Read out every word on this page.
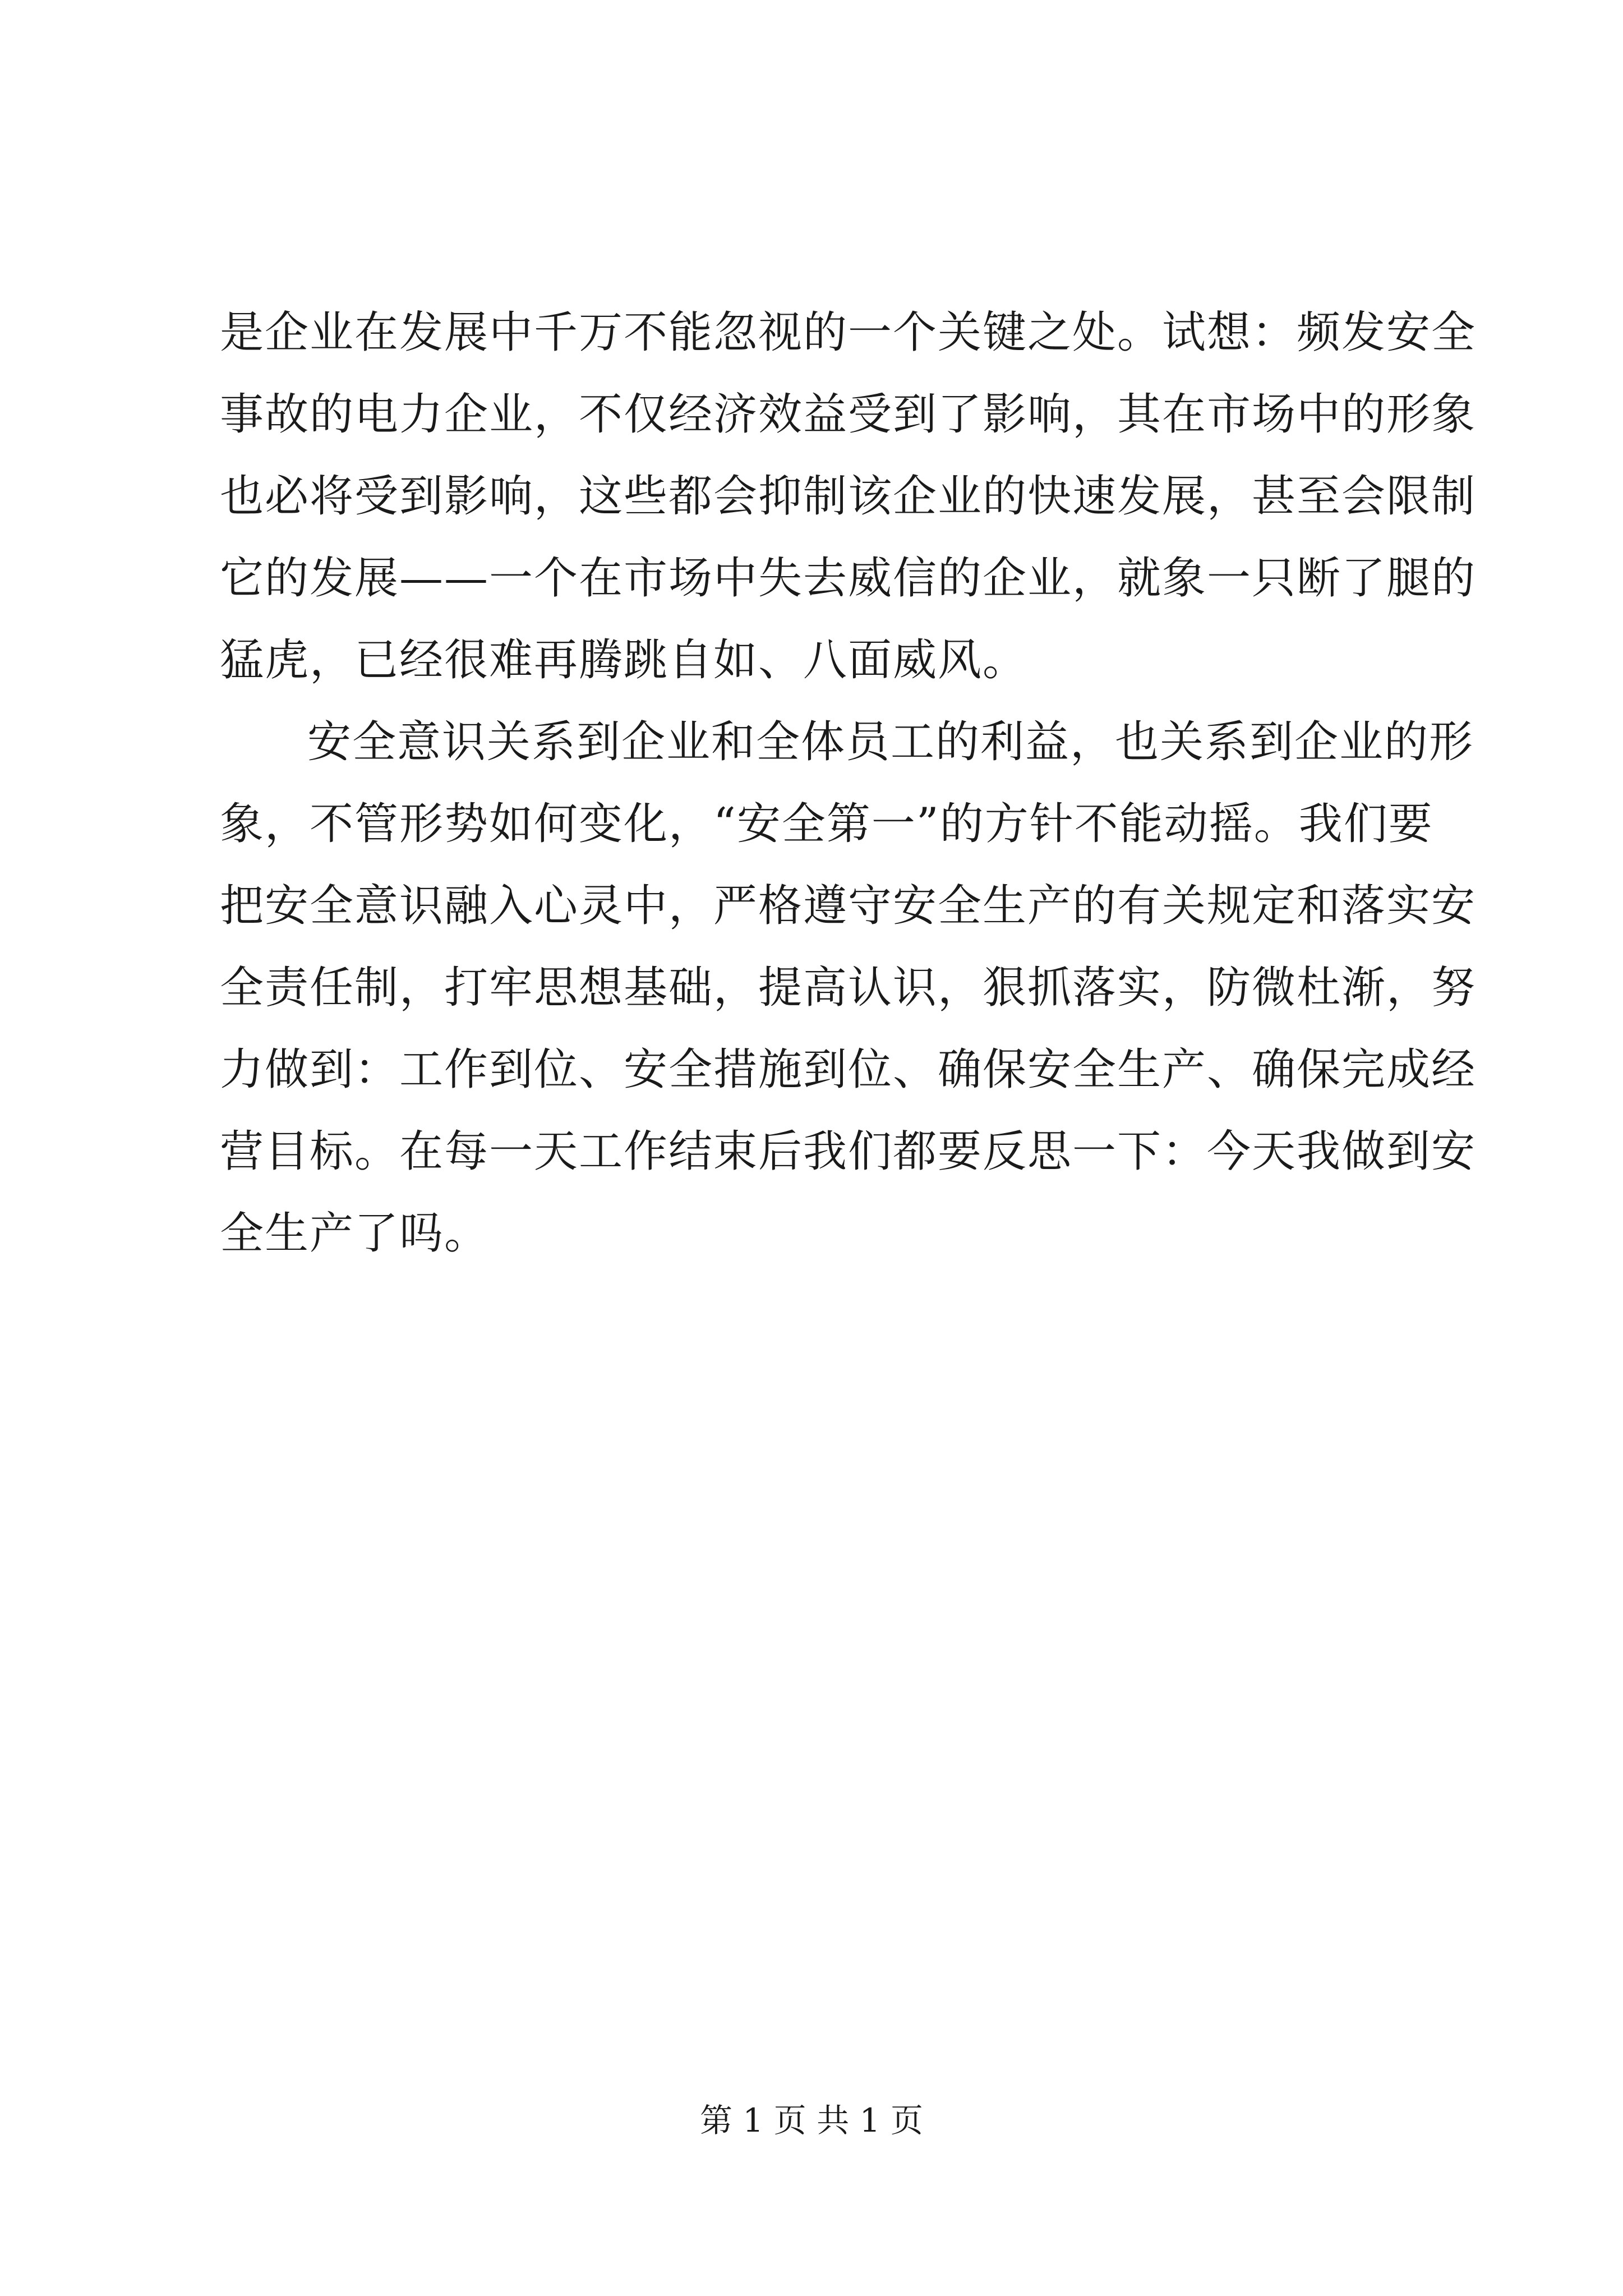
是企业在发展中千万不能忽视的一个关键之处。试想：频发安全
事故的电力企业，不仅经济效益受到了影响，其在市场中的形象
也必将受到影响，这些都会抑制该企业的快速发展，甚至会限制
它的发展——一个在市场中失去威信的企业，就象一只断了腿的
猛虎，已经很难再腾跳自如、八面威风。
安全意识关系到企业和全体员工的利益，也关系到企业的形
象，不管形势如何变化，“安全第一”的方针不能动摇。我们要
把安全意识融入心灵中，严格遵守安全生产的有关规定和落实安
全责任制，打牢思想基础，提高认识，狠抓落实，防微杜渐，努
力做到：工作到位、安全措施到位、确保安全生产、确保完成经
营目标。在每一天工作结束后我们都要反思一下：今天我做到安
全生产了吗。
第 1 页 共 1 页
